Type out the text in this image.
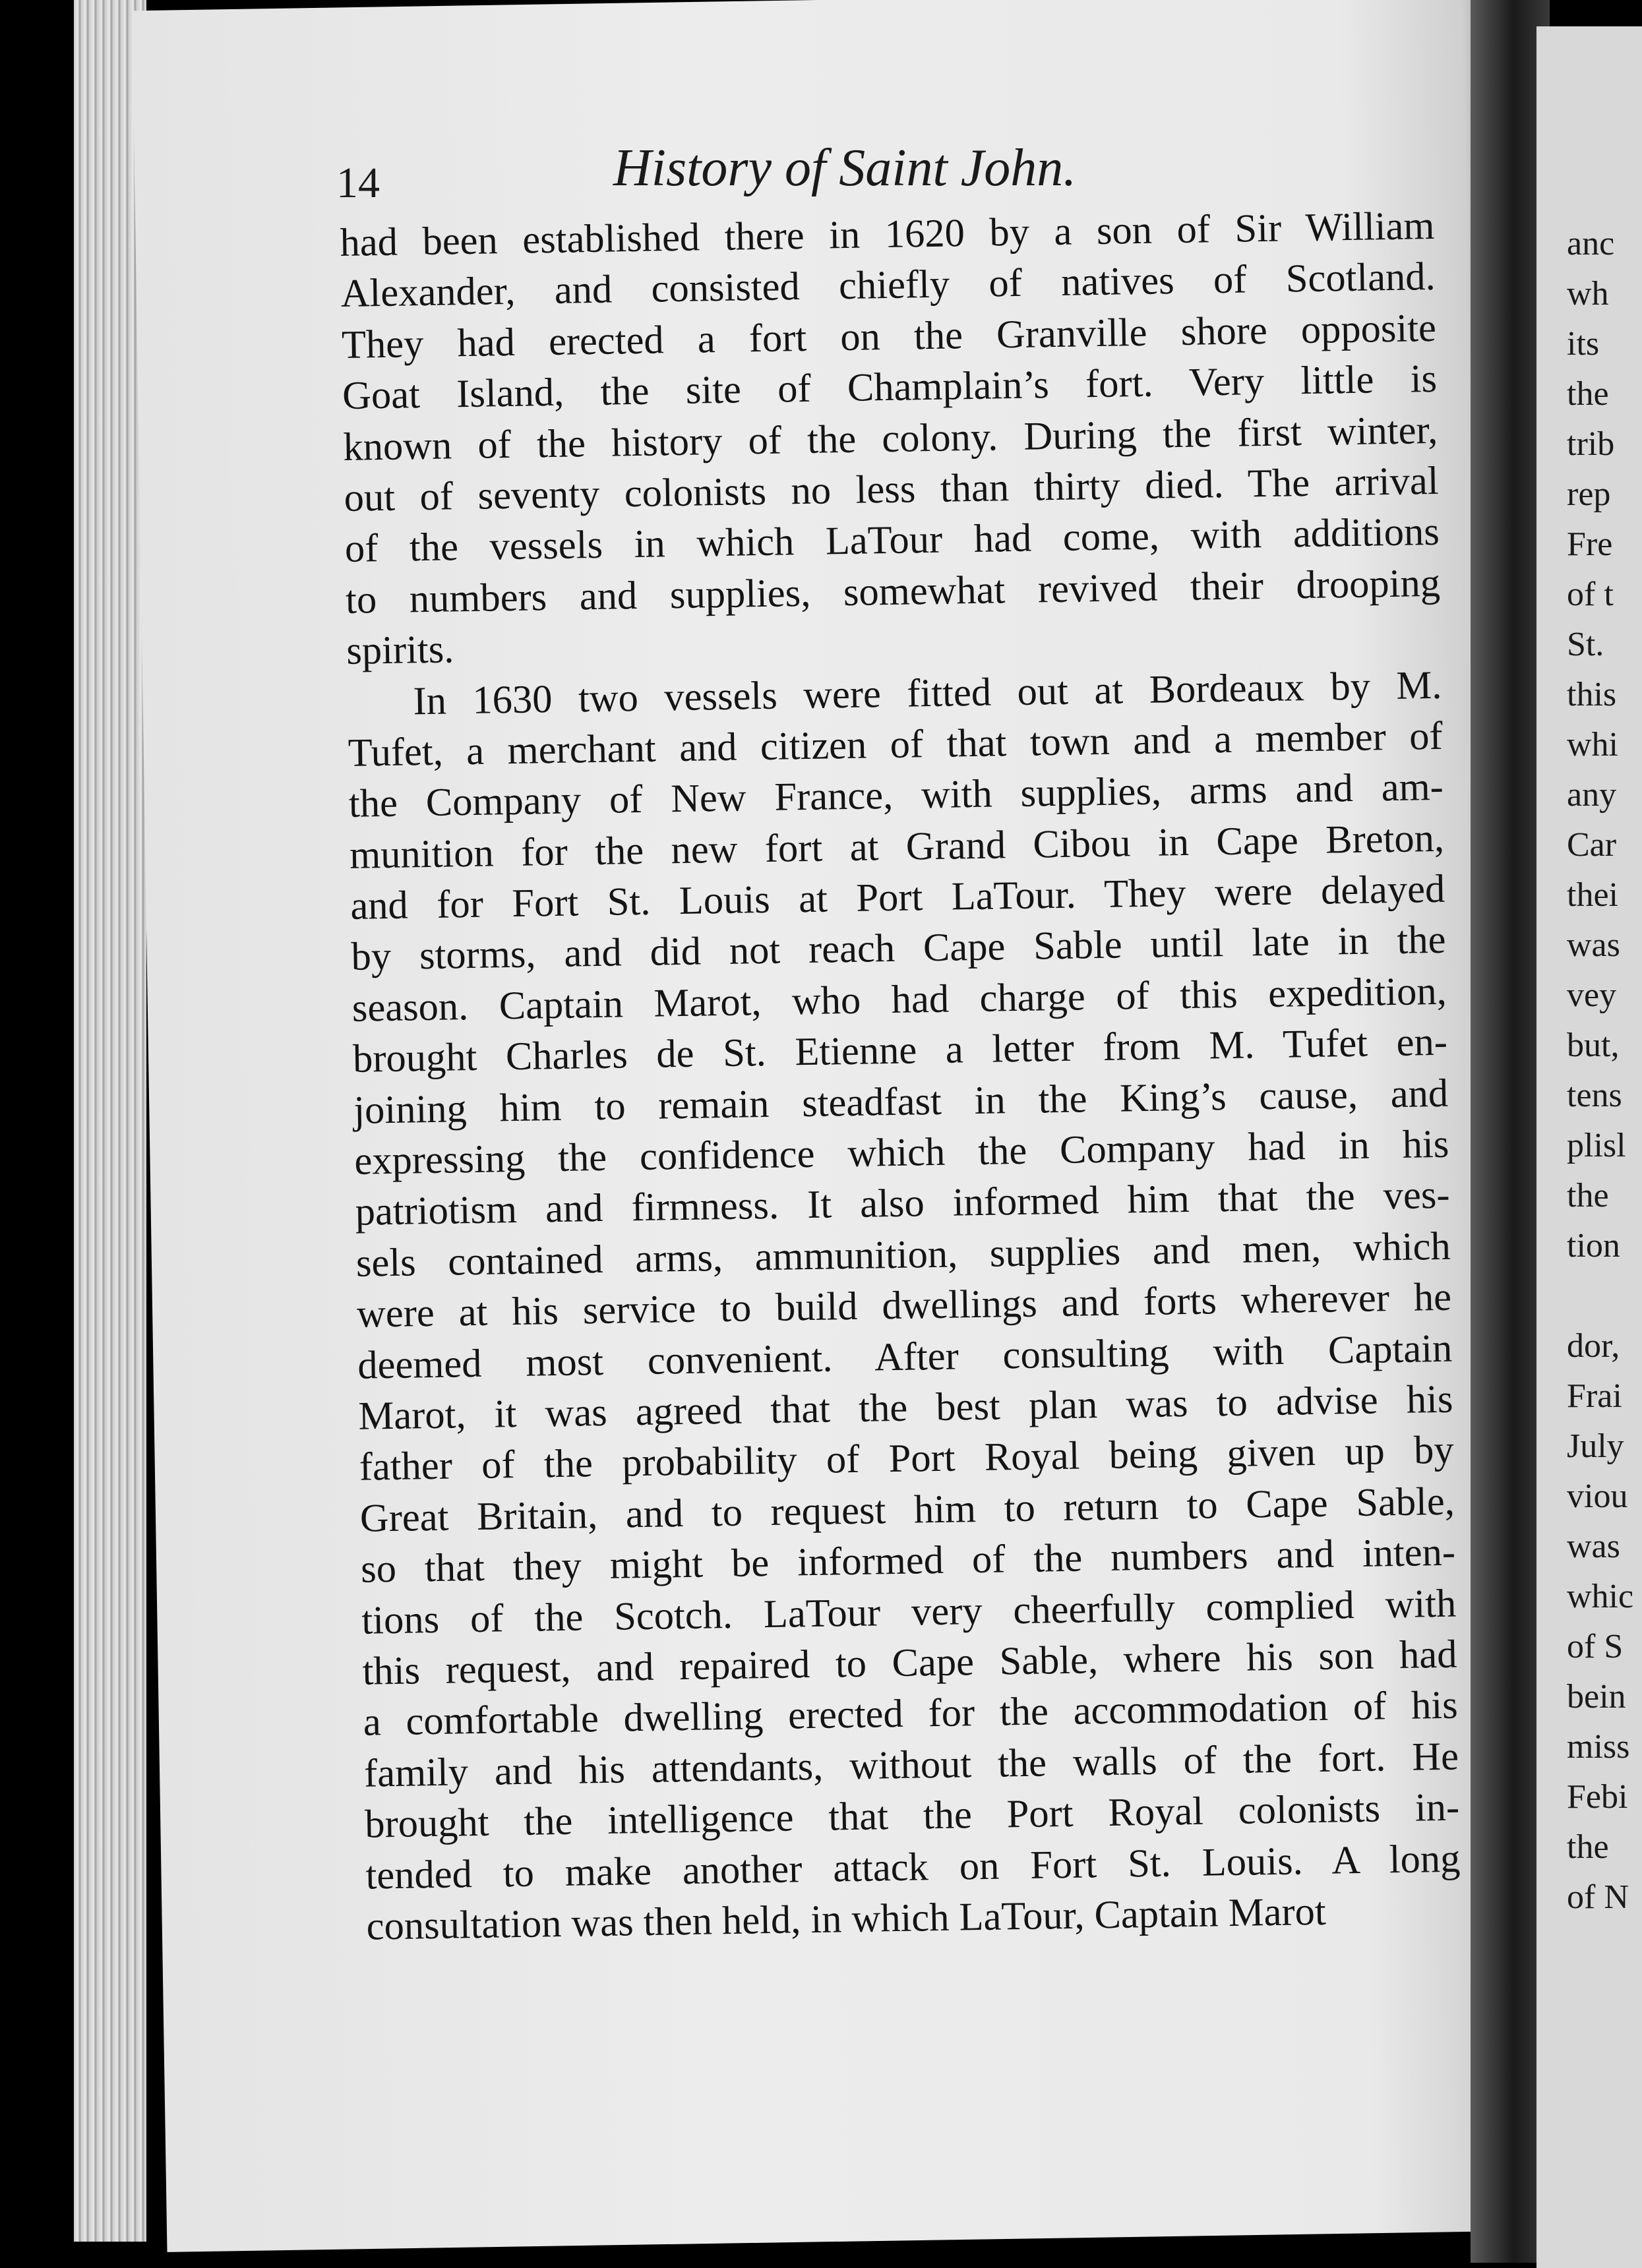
anc
wh
its
the
trib
rep
Fre
of t
St.
this
whi
any
Car
thei
was
vey
but,
tens
plisl
the
tion
dor,
Frai
July
viou
was
whic
of S
bein
miss
Febi
the
of N
14	History of Saint John.
had been established there in 1620 by a son of Sir William
Alexander, and consisted chiefly of natives of Scotland.
They had erected a fort on the Granville shore opposite
Goat Island, the site of Champlain’s fort. Very little is
known of the history of the colony. During the first winter,
out of seventy colonists no less than thirty died. The arrival
of the vessels in which LaTour had come, with additions
to numbers and supplies, somewhat revived their drooping
spirits.
In 1630 two vessels were fitted out at Bordeaux by M.
Tufet, a merchant and citizen of that town and a member of
the Company of New France, with supplies, arms and am-
munition for the new fort at Grand Cibou in Cape Breton,
and for Fort St. Louis at Port LaTour. They were delayed
by storms, and did not reach Cape Sable until late in the
season. Captain Marot, who had charge of this expedition,
brought Charles de St. Etienne a letter from M. Tufet en-
joining him to remain steadfast in the King’s cause, and
expressing the confidence which the Company had in his
patriotism and firmness. It also informed him that the ves-
sels contained arms, ammunition, supplies and men, which
were at his service to build dwellings and forts wherever he
deemed most convenient. After consulting with Captain
Marot, it was agreed that the best plan was to advise his
father of the probability of Port Royal being given up by
Great Britain, and to request him to return to Cape Sable,
so that they might be informed of the numbers and inten-
tions of the Scotch. LaTour very cheerfully complied with
this request, and repaired to Cape Sable, where his son had
a comfortable dwelling erected for the accommodation of his
family and his attendants, without the walls of the fort. He
brought the intelligence that the Port Royal colonists in-
tended to make another attack on Fort St. Louis. A long
consultation was then held, in which LaTour, Captain Marot
